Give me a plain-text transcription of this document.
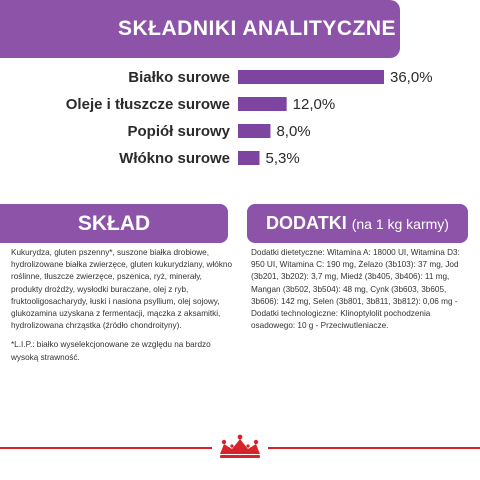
SKŁADNIKI ANALITYCZNE
Białko surowe	36,0%
Oleje i tłuszcze surowe	12,0%
Popiół surowy	8,0%
Włókno surowe 5,3%
SKŁAD

Kukurydza, gluten pszenny*, suszone białka drobiowe, hydrolizowane białka zwierzęce, gluten kukurydziany, włókno roślinne, tłuszcze zwierzęce, pszenica, ryż, minerały, produkty drożdży, wysłodki buraczane, olej z ryb, fruktooligosacharydy, łuski i nasiona psyllium, olej sojowy, glukozamina uzyskana z fermentacji, mączka z aksamitki, hydrolizowana chrząstka (źródło chondroityny).

*L.I.P.: białko wyselekcjonowane ze względu na bardzo wysoką strawność.

DODATKI (na 1 kg karmy)

Dodatki dietetyczne: Witamina A: 18000 UI, Witamina D3: 950 UI, Witamina C: 190 mg, Żelazo (3b103): 37 mg, Jod (3b201, 3b202): 3,7 mg, Miedź (3b405, 3b406): 11 mg, Mangan (3b502, 3b504): 48 mg, Cynk (3b603, 3b605, 3b606): 142 mg, Selen (3b801, 3b811, 3b812): 0,06 mg - Dodatki technologiczne: Klinoptylolit pochodzenia osadowego: 10 g - Przeciwutleniacze.
